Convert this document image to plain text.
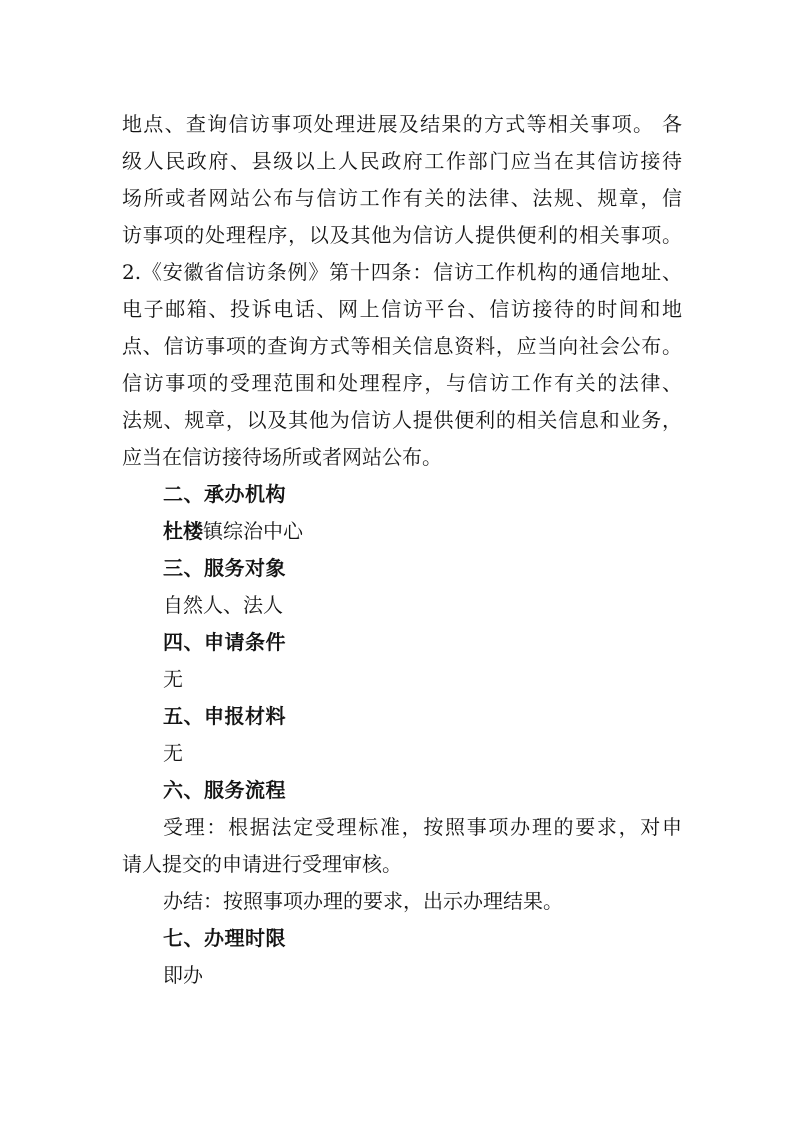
地点、查询信访事项处理进展及结果的方式等相关事项。 各
级人民政府、县级以上人民政府工作部门应当在其信访接待
场所或者网站公布与信访工作有关的法律、法规、规章，信
访事项的处理程序，以及其他为信访人提供便利的相关事项。
2.《安徽省信访条例》第十四条：信访工作机构的通信地址、
电子邮箱、投诉电话、网上信访平台、信访接待的时间和地
点、信访事项的查询方式等相关信息资料，应当向社会公布。
信访事项的受理范围和处理程序，与信访工作有关的法律、
法规、规章，以及其他为信访人提供便利的相关信息和业务，
应当在信访接待场所或者网站公布。
二、承办机构
杜楼镇综治中心
三、服务对象
自然人、法人
四、申请条件
无
五、申报材料
无
六、服务流程
受理：根据法定受理标准，按照事项办理的要求，对申
请人提交的申请进行受理审核。
办结：按照事项办理的要求，出示办理结果。
七、办理时限
即办
